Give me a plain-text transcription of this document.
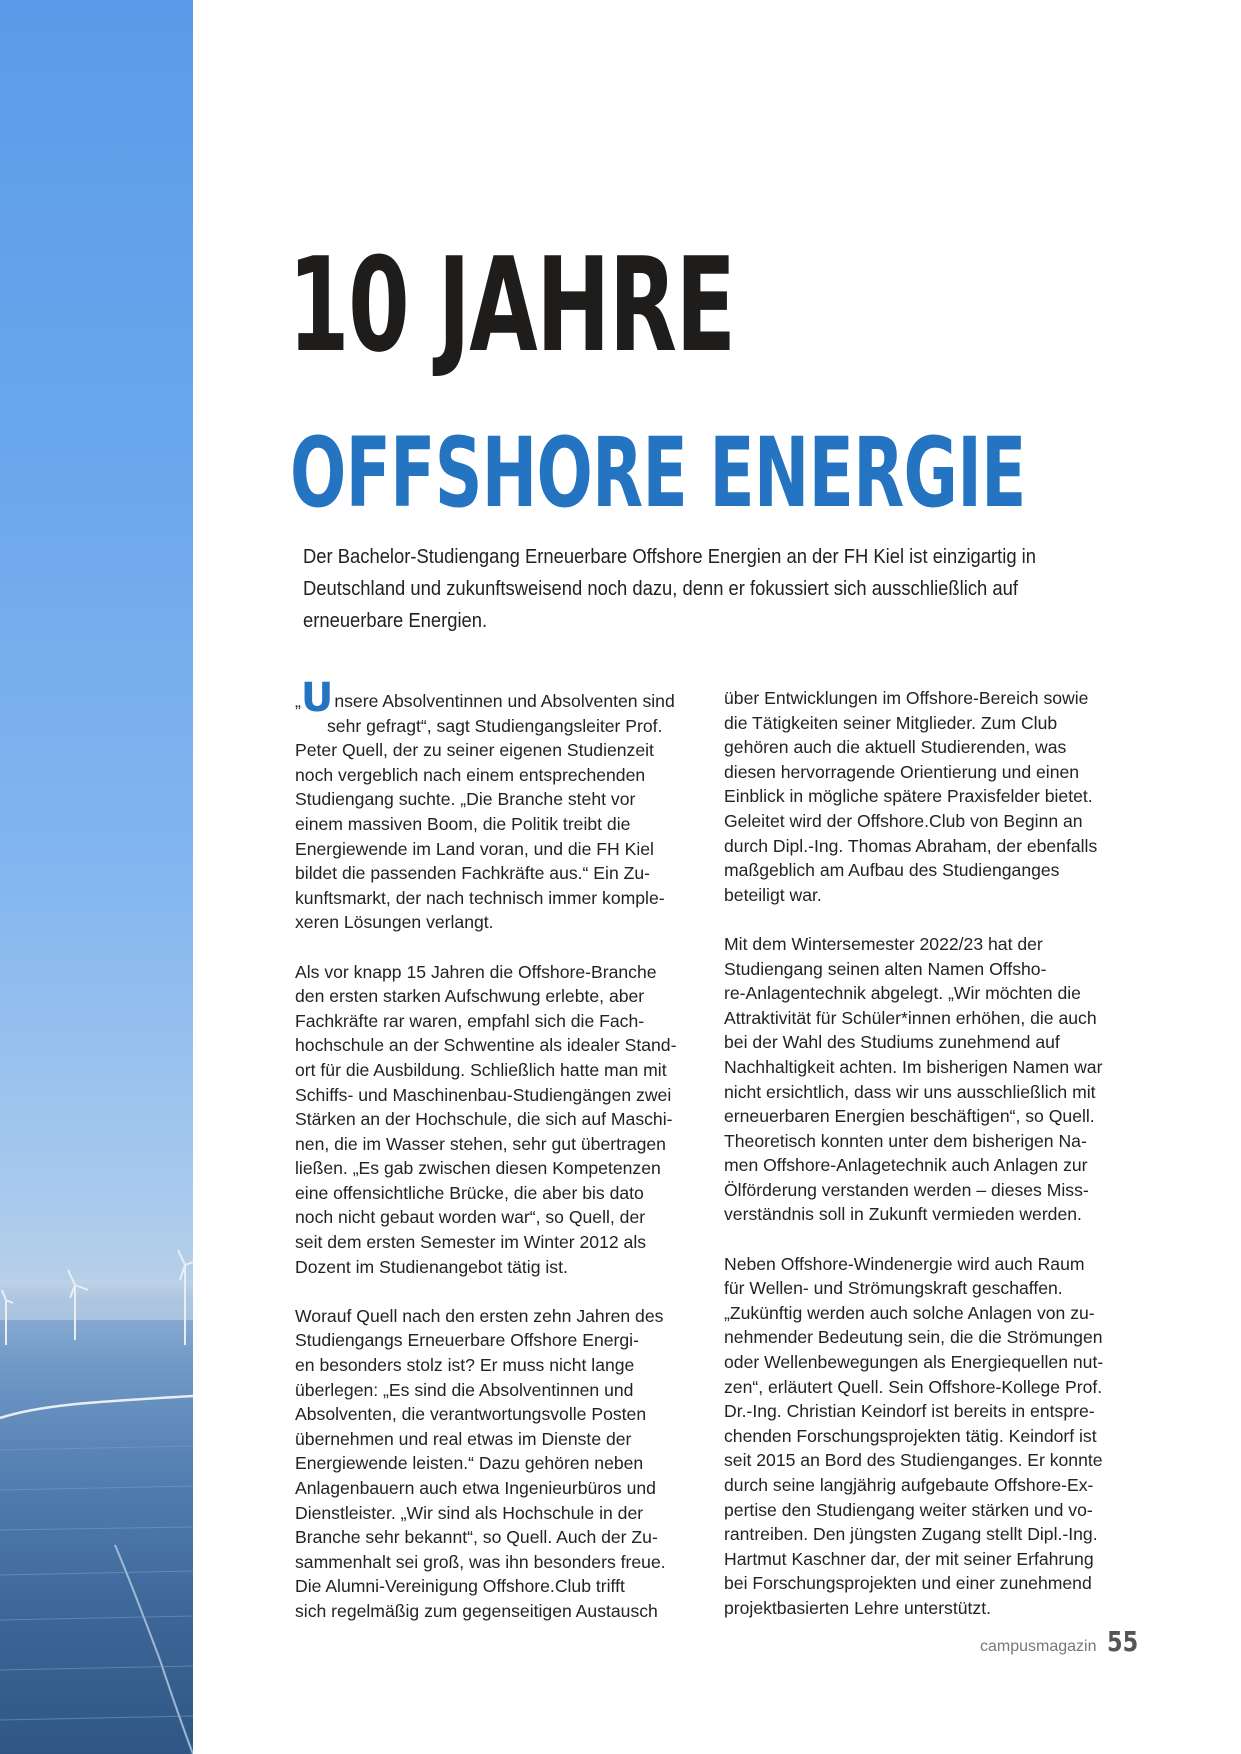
10 JAHRE
OFFSHORE ENERGIE
Der Bachelor-Studiengang Erneuerbare Offshore Energien an der FH Kiel ist einzigartig in
Deutschland und zukunftsweisend noch dazu, denn er fokussiert sich ausschließlich auf
erneuerbare Energien.
„Unsere Absolventinnen und Absolventen sind
sehr gefragt“, sagt Studiengangsleiter Prof.
Peter Quell, der zu seiner eigenen Studienzeit
noch vergeblich nach einem entsprechenden
Studiengang suchte. „Die Branche steht vor
einem massiven Boom, die Politik treibt die
Energiewende im Land voran, und die FH Kiel
bildet die passenden Fachkräfte aus.“ Ein Zu-
kunftsmarkt, der nach technisch immer komple-
xeren Lösungen verlangt.
Als vor knapp 15 Jahren die Offshore-Branche
den ersten starken Aufschwung erlebte, aber
Fachkräfte rar waren, empfahl sich die Fach-
hochschule an der Schwentine als idealer Stand-
ort für die Ausbildung. Schließlich hatte man mit
Schiffs- und Maschinenbau-Studiengängen zwei
Stärken an der Hochschule, die sich auf Maschi-
nen, die im Wasser stehen, sehr gut übertragen
ließen. „Es gab zwischen diesen Kompetenzen
eine offensichtliche Brücke, die aber bis dato
noch nicht gebaut worden war“, so Quell, der
seit dem ersten Semester im Winter 2012 als
Dozent im Studienangebot tätig ist.
Worauf Quell nach den ersten zehn Jahren des
Studiengangs Erneuerbare Offshore Energi-
en besonders stolz ist? Er muss nicht lange
überlegen: „Es sind die Absolventinnen und
Absolventen, die verantwortungsvolle Posten
übernehmen und real etwas im Dienste der
Energiewende leisten.“ Dazu gehören neben
Anlagenbauern auch etwa Ingenieurbüros und
Dienstleister. „Wir sind als Hochschule in der
Branche sehr bekannt“, so Quell. Auch der Zu-
sammenhalt sei groß, was ihn besonders freue.
Die Alumni-Vereinigung Offshore.Club trifft
sich regelmäßig zum gegenseitigen Austausch
über Entwicklungen im Offshore-Bereich sowie
die Tätigkeiten seiner Mitglieder. Zum Club
gehören auch die aktuell Studierenden, was
diesen hervorragende Orientierung und einen
Einblick in mögliche spätere Praxisfelder bietet.
Geleitet wird der Offshore.Club von Beginn an
durch Dipl.-Ing. Thomas Abraham, der ebenfalls
maßgeblich am Aufbau des Studienganges
beteiligt war.
Mit dem Wintersemester 2022/23 hat der
Studiengang seinen alten Namen Offsho-
re-Anlagentechnik abgelegt. „Wir möchten die
Attraktivität für Schüler*innen erhöhen, die auch
bei der Wahl des Studiums zunehmend auf
Nachhaltigkeit achten. Im bisherigen Namen war
nicht ersichtlich, dass wir uns ausschließlich mit
erneuerbaren Energien beschäftigen“, so Quell.
Theoretisch konnten unter dem bisherigen Na-
men Offshore-Anlagetechnik auch Anlagen zur
Ölförderung verstanden werden – dieses Miss-
verständnis soll in Zukunft vermieden werden.
Neben Offshore-Windenergie wird auch Raum
für Wellen- und Strömungskraft geschaffen.
„Zukünftig werden auch solche Anlagen von zu-
nehmender Bedeutung sein, die die Strömungen
oder Wellenbewegungen als Energiequellen nut-
zen“, erläutert Quell. Sein Offshore-Kollege Prof.
Dr.-Ing. Christian Keindorf ist bereits in entspre-
chenden Forschungsprojekten tätig. Keindorf ist
seit 2015 an Bord des Studienganges. Er konnte
durch seine langjährig aufgebaute Offshore-Ex-
pertise den Studiengang weiter stärken und vo-
rantreiben. Den jüngsten Zugang stellt Dipl.-Ing.
Hartmut Kaschner dar, der mit seiner Erfahrung
bei Forschungsprojekten und einer zunehmend
projektbasierten Lehre unterstützt.
campusmagazin 55
